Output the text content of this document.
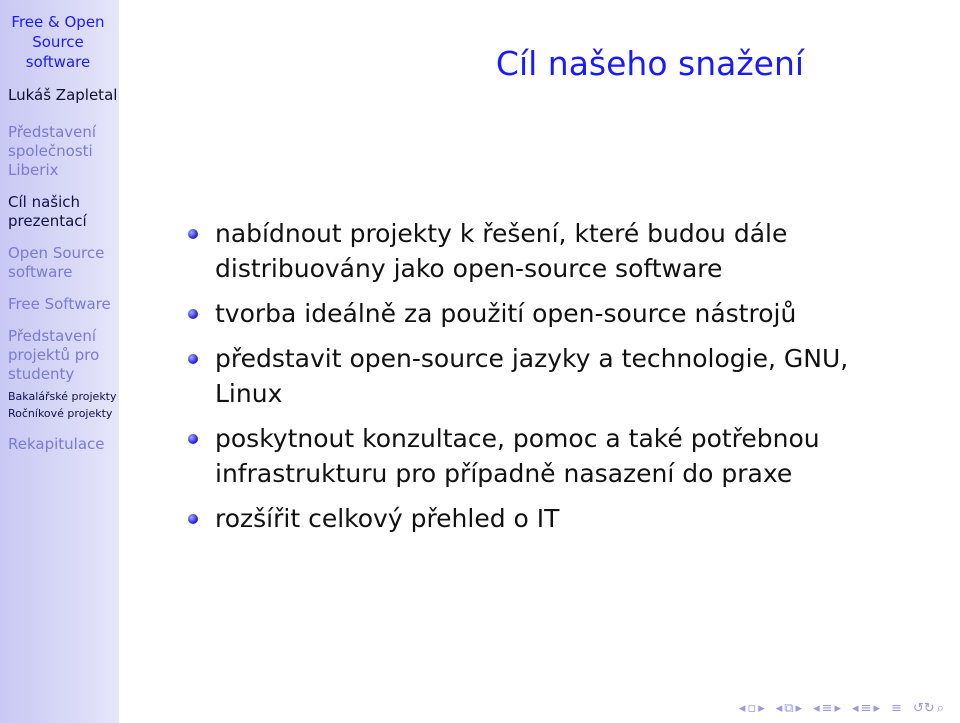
Free & Open Source software
Lukáš Zapletal
Představení společnosti Liberix
Cíl našich prezentací
Open Source software
Free Software
Představení projektů pro studenty
Bakalářské projekty
Ročníkové projekty
Rekapitulace
Cíl našeho snažení
nabídnout projekty k řešení, které budou dále distribuovány jako open-source software
tvorba ideálně za použití open-source nástrojů
představit open-source jazyky a technologie, GNU, Linux
poskytnout konzultace, pomoc a také potřebnou infrastrukturu pro případně nasazení do praxe
rozšířit celkový přehled o IT
◂ ▫ ▸ ◂ ⧉ ▸ ◂ ≡ ▸ ◂ ≡ ▸ ≡ ↺↻ ⌕
